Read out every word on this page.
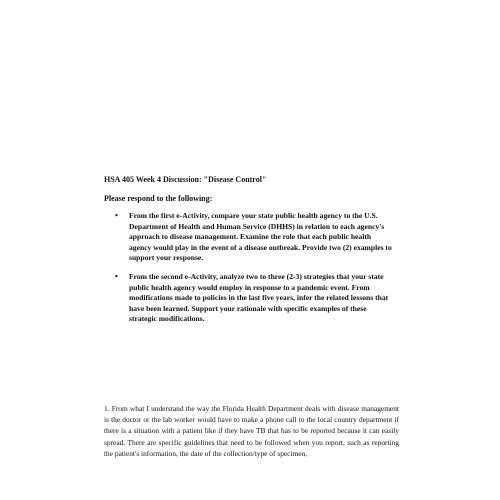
HSA 405 Week 4 Discussion: "Disease Control"
Please respond to the following:
• From the first e-Activity, compare your state public health agency to the U.S. Department of Health and Human Service (DHHS) in relation to each agency's approach to disease management. Examine the role that each public health agency would play in the event of a disease outbreak. Provide two (2) examples to support your response.
• From the second e-Activity, analyze two to three (2-3) strategies that your state public health agency would employ in response to a pandemic event. From modifications made to policies in the last five years, infer the related lessons that have been learned. Support your rationale with specific examples of these strategic modifications.

1. From what I understand the way the Florida Health Department deals with disease management is the doctor or the lab worker would have to make a phone call to the local country department if there is a situation with a patient like if they have TB that has to be reported because it can easily spread. There are specific guidelines that need to be followed when you report, such as reporting the patient's information, the date of the collection/type of specimen,
